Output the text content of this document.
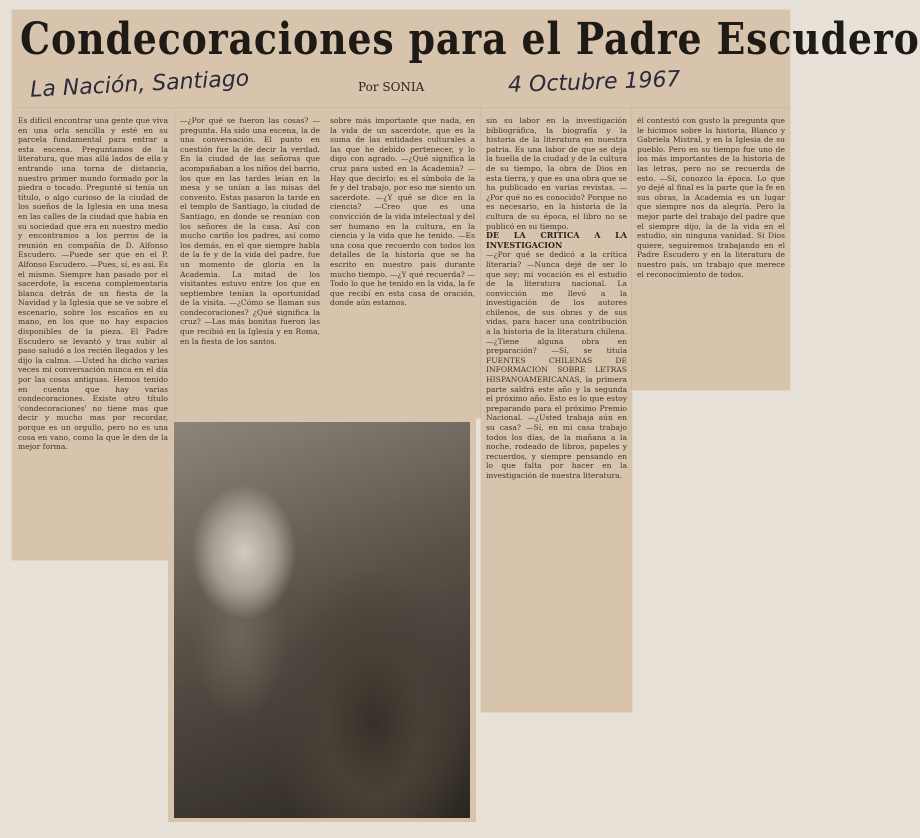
Condecoraciones para el Padre Escudero
La Nación, Santiago	Por SONIA	4 Octubre 1967
Es difícil encontrar una gente que viva en una orla sencilla y esté en su parcela fundamental para entrar a esta escena. Preguntamos de la literatura, que mas allá lados de ella y entrando una torna de distancia, nuestro primer mundo formado por la piedra o tocado. Pregunté si tenía un título, o algo curioso de la ciudad de los sueños de la Iglesia en una mesa en las calles de la ciudad que habia en su sociedad que era en nuestro medio y encontramos a los perros de la reunión en compañía de D. Alfonso Escudero. —Puede ser que en el P. Alfonso Escudero. —Pues, sí, es así. Es el mismo. Siempre han pasado por el sacerdote, la escena complementaria blanca detrás de un fiesta de la Navidad y la Iglesia que se ve sobre el escenario, sobre los escaños en su mano, en los que no hay espacios disponibles de la pieza. El Padre Escudero se levantó y tras subir al paso saludó a los recién llegados y les dijo la calma. —Usted ha dicho varias veces mi conversación nunca en el día por las cosas antiguas. Hemos tenido en cuenta que hay varias condecoraciones. Existe otro título 'condecoraciones' no tiene mas que decir y mucho mas por recordar, porque es un orgullo, pero no es una cosa en vano, como la que le den de la mejor forma.
—¿Por qué se fueron las cosas? —pregunta. Ha sido una escena, la de una conversación. El punto en cuestión fue la de decir la verdad. En la ciudad de las señoras que acompañaban a los niños del barrio, los que en las tardes leían en la mesa y se unían a las misas del convento. Estas pasaron la tarde en el templo de Santiago, la ciudad de Santiago, en donde se reunían con los señores de la casa. Así con mucho cariño los padres, así como los demás, en el que siempre habla de la fe y de la vida del padre, fue un momento de gloria en la Academia. La mitad de los visitantes estuvo entre los que en septiembre tenían la oportunidad de la visita. —¿Cómo se llaman sus condecoraciones? ¿Qué significa la cruz? —Las más bonitas fueron las que recibió en la Iglesia y en Roma, en la fiesta de los santos.
sobre más importante que nada, en la vida de un sacerdote, que es la suma de las entidades culturales a las que he debido pertenecer, y lo digo con agrado. —¿Qué significa la cruz para usted en la Academia? —Hay que decirlo: es el símbolo de la fe y del trabajo, por eso me siento un sacerdote. —¿Y qué se dice en la ciencia? —Creo que es una convicción de la vida intelectual y del ser humano en la cultura, en la ciencia y la vida que he tenido. —Es una cosa que recuerdo con todos los detalles de la historia que se ha escrito en nuestro país durante mucho tiempo. —¿Y qué recuerda? —Todo lo que he tenido en la vida, la fe que recibí en esta casa de oración, donde aún estamos.
sin su labor en la investigación bibliográfica, la biografía y la historia de la literatura en nuestra patria. Es una labor de que se deja la huella de la ciudad y de la cultura de su tiempo, la obra de Dios en esta tierra, y que es una obra que se ha publicado en varias revistas. —¿Por qué no es conocido? Porque no es necesario, en la historia de la cultura de su época, el libro no se publicó en su tiempo.
DE LA CRITICA A LA INVESTIGACION
—¿Por qué se dedicó a la crítica literaria? —Nunca dejé de ser lo que soy; mi vocación es el estudio de la literatura nacional. La convicción me llevó a la investigación de los autores chilenos, de sus obras y de sus vidas, para hacer una contribución a la historia de la literatura chilena. —¿Tiene alguna obra en preparación? —Sí, se titula FUENTES CHILENAS DE INFORMACION SOBRE LETRAS HISPANOAMERICANAS, la primera parte saldrá este año y la segunda el próximo año. Esto es lo que estoy preparando para el próximo Premio Nacional. —¿Usted trabaja aún en su casa? —Sí, en mi casa trabajo todos los días, de la mañana a la noche, rodeado de libros, papeles y recuerdos, y siempre pensando en lo que falta por hacer en la investigación de nuestra literatura.
él contestó con gusto la pregunta que le hicimos sobre la historia, Blanco y Gabriela Mistral, y en la Iglesia de su pueblo. Pero en su tiempo fue uno de los más importantes de la historia de las letras, pero no se recuerda de esto. —Sí, conozco la época. Lo que yo dejé al final es la parte que la fe en sus obras, la Academia es un lugar que siempre nos da alegría. Pero la mejor parte del trabajo del padre que el siempre dijo, la de la vida en el estudio, sin ninguna vanidad. Si Dios quiere, seguiremos trabajando en el Padre Escudero y en la literatura de nuestro país, un trabajo que merece el reconocimiento de todos.
